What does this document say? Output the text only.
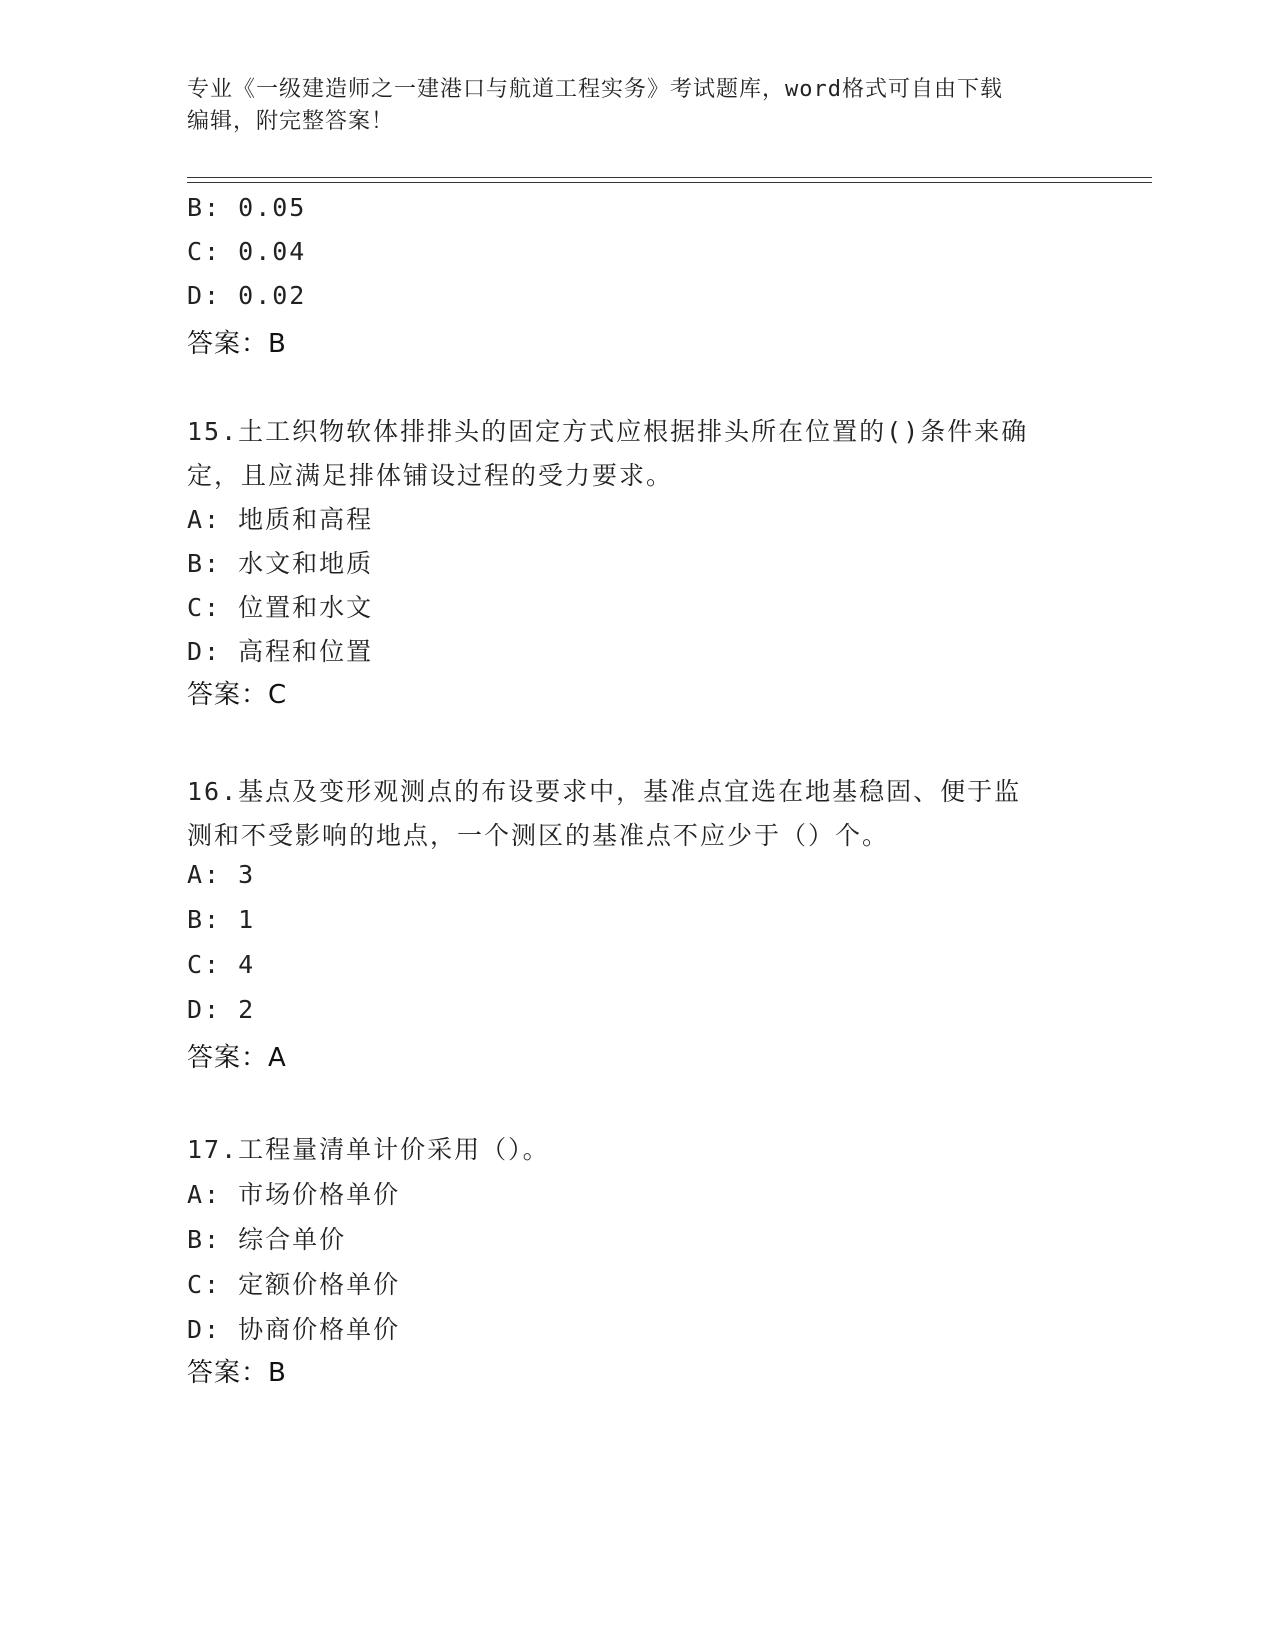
专业《一级建造师之一建港口与航道工程实务》考试题库，word格式可自由下载
编辑，附完整答案！
B: 0.05
C: 0.04
D: 0.02
答案：B
15.土工织物软体排排头的固定方式应根据排头所在位置的()条件来确
定，且应满足排体铺设过程的受力要求。
A: 地质和高程
B: 水文和地质
C: 位置和水文
D: 高程和位置
答案：C
16.基点及变形观测点的布设要求中，基准点宜选在地基稳固、便于监
测和不受影响的地点，一个测区的基准点不应少于（）个。
A: 3
B: 1
C: 4
D: 2
答案：A
17.工程量清单计价采用（）。
A: 市场价格单价
B: 综合单价
C: 定额价格单价
D: 协商价格单价
答案：B
